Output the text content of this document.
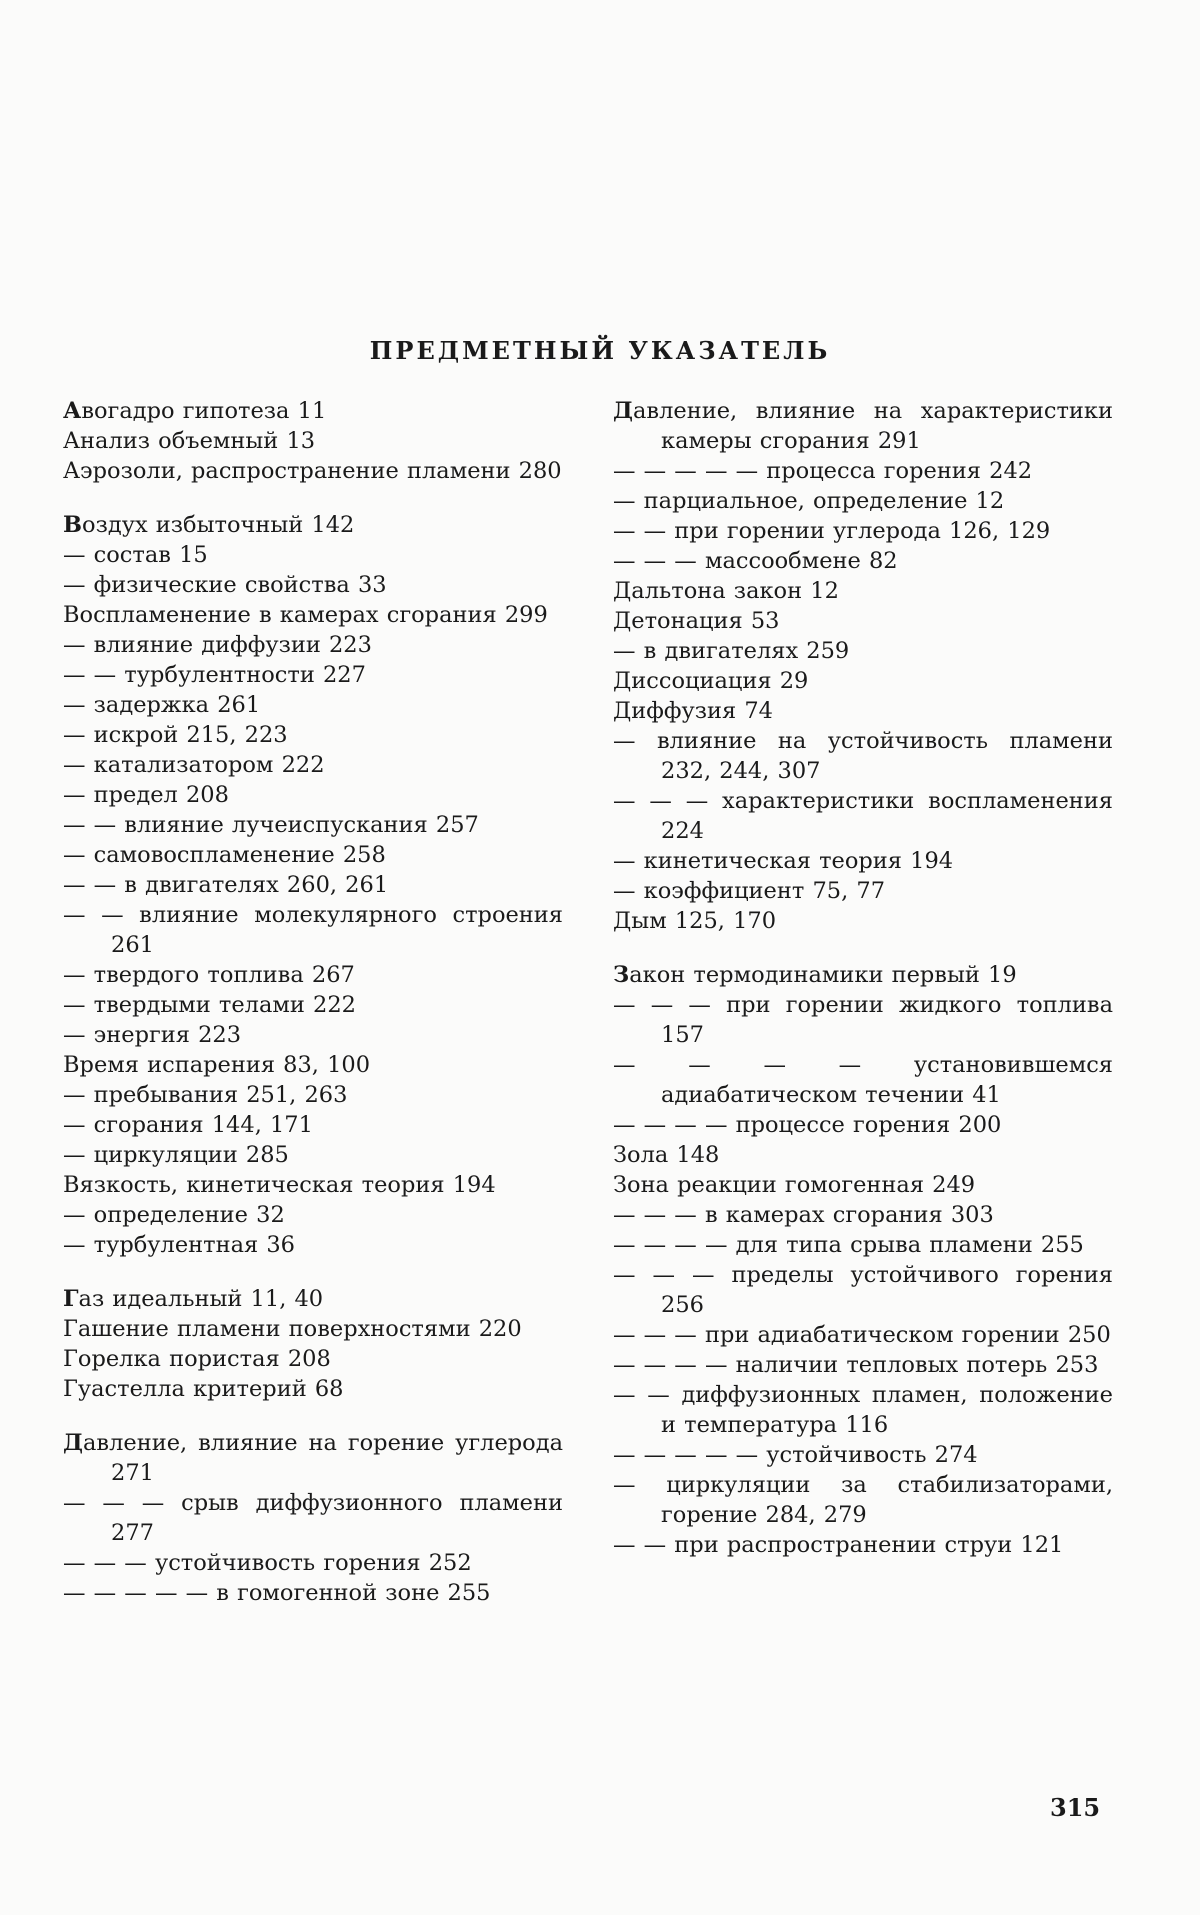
ПРЕДМЕТНЫЙ УКАЗАТЕЛЬ
Авогадро гипотеза 11
Анализ объемный 13
Аэрозоли, распространение пламени 280
Воздух избыточный 142
— состав 15
— физические свойства 33
Воспламенение в камерах сгорания 299
— влияние диффузии 223
— — турбулентности 227
— задержка 261
— искрой 215, 223
— катализатором 222
— предел 208
— — влияние лучеиспускания 257
— самовоспламенение 258
— — в двигателях 260, 261
— — влияние молекулярного строения 261
— твердого топлива 267
— твердыми телами 222
— энергия 223
Время испарения 83, 100
— пребывания 251, 263
— сгорания 144, 171
— циркуляции 285
Вязкость, кинетическая теория 194
— определение 32
— турбулентная 36
Газ идеальный 11, 40
Гашение пламени поверхностями 220
Горелка пористая 208
Гуастелла критерий 68
Давление, влияние на горение углерода 271
— — — срыв диффузионного пламени 277
— — — устойчивость горения 252
— — — — — в гомогенной зоне 255
Давление, влияние на характеристики камеры сгорания 291
— — — — — процесса горения 242
— парциальное, определение 12
— — при горении углерода 126, 129
— — — массообмене 82
Дальтона закон 12
Детонация 53
— в двигателях 259
Диссоциация 29
Диффузия 74
— влияние на устойчивость пламени 232, 244, 307
— — — характеристики воспламенения 224
— кинетическая теория 194
— коэффициент 75, 77
Дым 125, 170
Закон термодинамики первый 19
— — — при горении жидкого топлива 157
— — — — установившемся адиабатическом течении 41
— — — — процессе горения 200
Зола 148
Зона реакции гомогенная 249
— — — в камерах сгорания 303
— — — — для типа срыва пламени 255
— — — пределы устойчивого горения 256
— — — при адиабатическом горении 250
— — — — наличии тепловых потерь 253
— — диффузионных пламен, положение и температура 116
— — — — — устойчивость 274
— циркуляции за стабилизаторами, горение 284, 279
— — при распространении струи 121
315
